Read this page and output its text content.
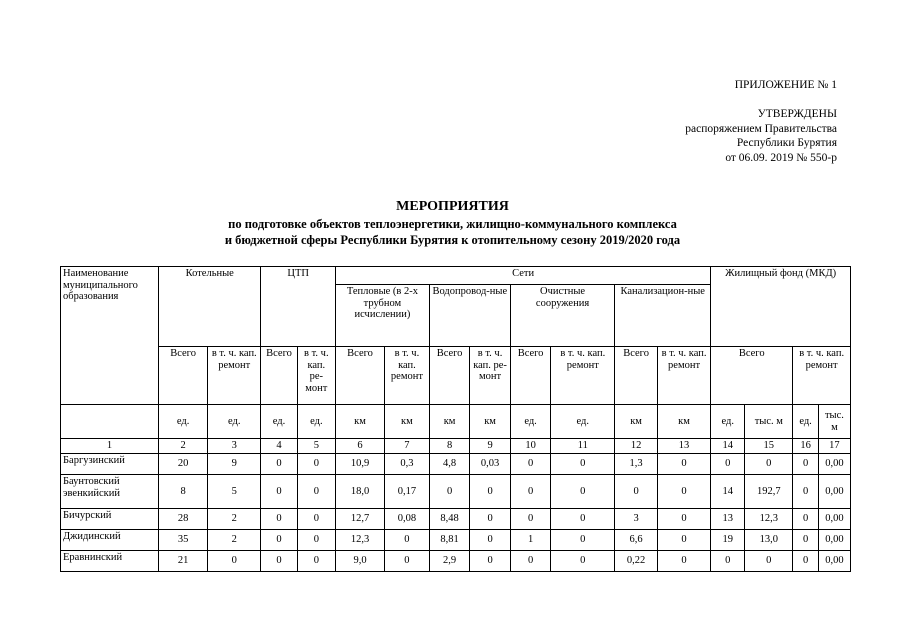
ПРИЛОЖЕНИЕ № 1
УТВЕРЖДЕНЫ
распоряжением Правительства
Республики Бурятия
от 06.09. 2019 № 550-р
МЕРОПРИЯТИЯ
по подготовке объектов теплоэнергетики, жилищно-коммунального комплекса
и бюджетной сферы Республики Бурятия к отопительному сезону 2019/2020 года
Наименование муниципального образования	Котельные		ЦТП		Сети								Жилищный фонд (МКД)			
					Тепловые (в 2-х трубном исчислении)		Водопровод-ные		Очистные сооружения		Канализацион-ные					
	Всего	в т. ч. кап. ремонт	Всего	в т. ч. кап. ре-монт	Всего	в т. ч. кап. ремонт	Всего	в т. ч. кап. ре-монт	Всего	в т. ч. кап. ремонт	Всего	в т. ч. кап. ремонт	Всего		в т. ч. кап. ремонт	
	ед.	ед.	ед.	ед.	км	км	км	км	ед.	ед.	км	км	ед.	тыс. м	ед.	тыс. м
1	2	3	4	5	6	7	8	9	10	11	12	13	14	15	16	17
Баргузинский	20	9	0	0	10,9	0,3	4,8	0,03	0	0	1,3	0	0	0	0	0,00
Баунтовский эвенкийский	8	5	0	0	18,0	0,17	0	0	0	0	0	0	14	192,7	0	0,00
Бичурский	28	2	0	0	12,7	0,08	8,48	0	0	0	3	0	13	12,3	0	0,00
Джидинский	35	2	0	0	12,3	0	8,81	0	1	0	6,6	0	19	13,0	0	0,00
Еравнинский	21	0	0	0	9,0	0	2,9	0	0	0	0,22	0	0	0	0	0,00
